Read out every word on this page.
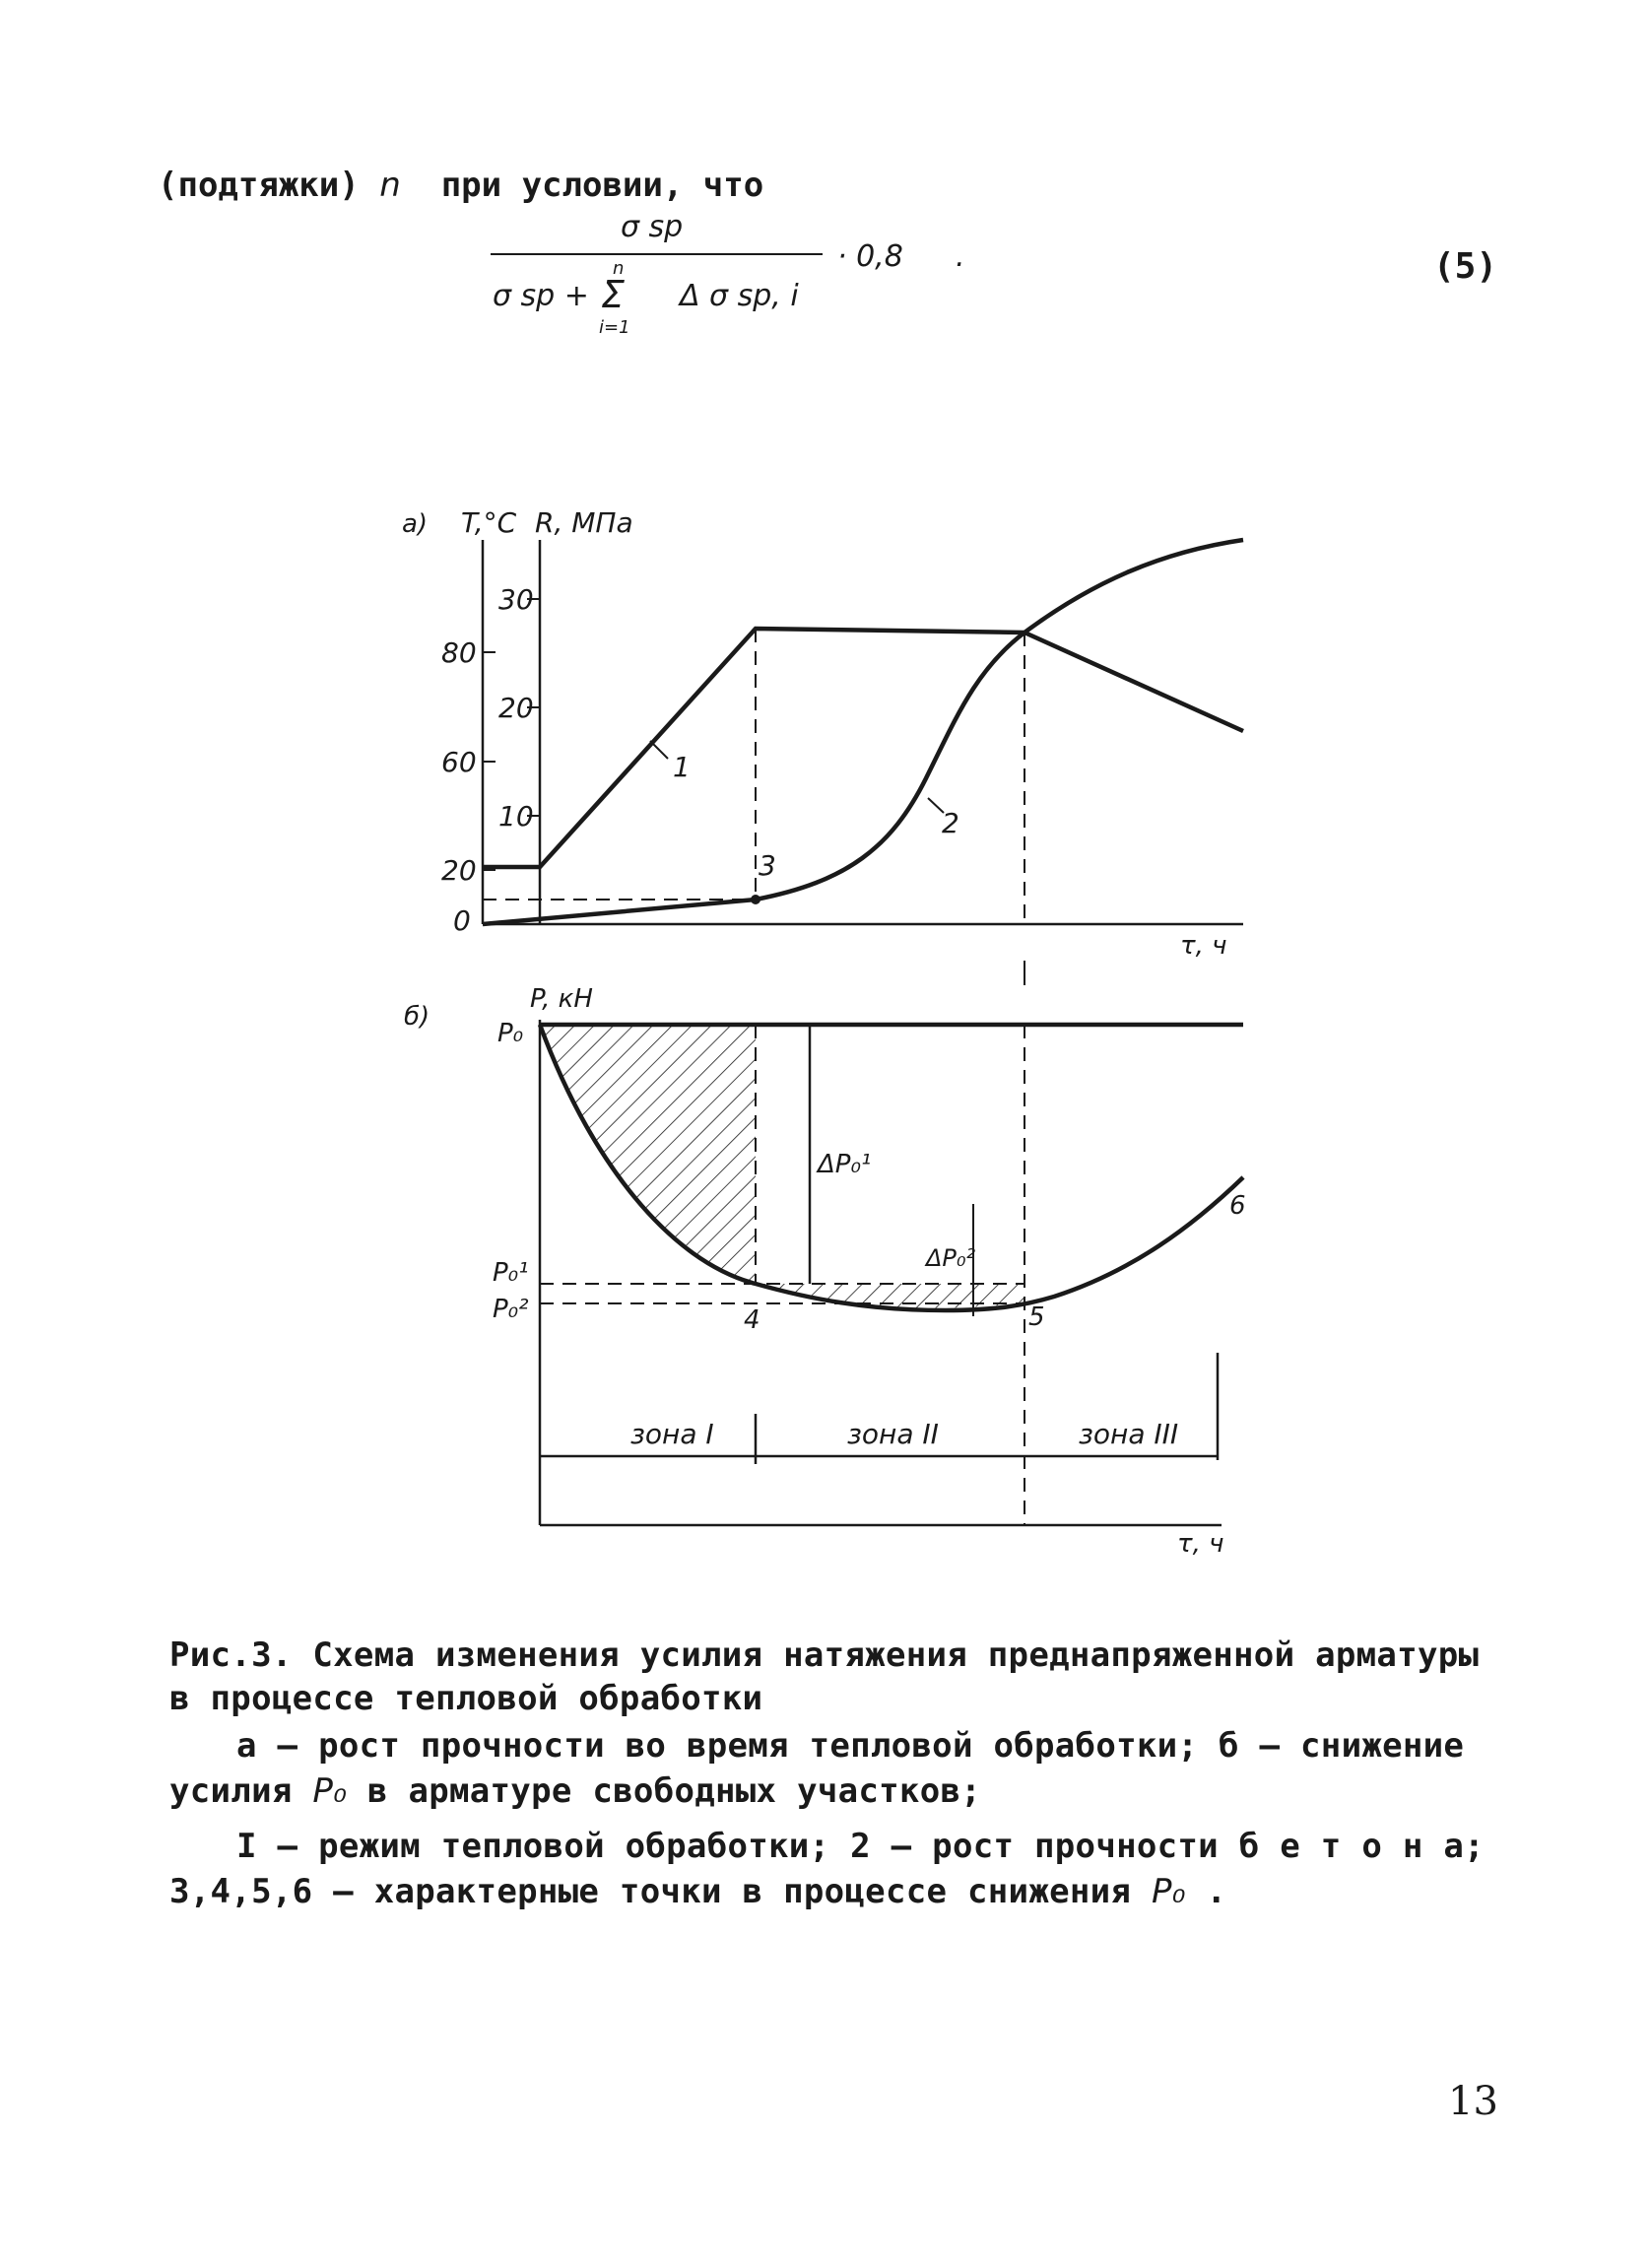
(подтяжки) n при условии, что
σ sp
σ sp +
n
Σ
i=1
Δ σ sp, i
· 0,8 .	(5)
а) T,°C R, МПа
80
60
20
0
30
20
10
3
1
2
τ, ч
б)
P, кН
ΔP₀¹
ΔP₀²
P₀
P₀¹
P₀²	4	5
6
зона I	зона II	зона III
τ, ч
Рис.3. Схема изменения усилия натяжения преднапряженной арматуры в процессе тепловой обработки
а – рост прочности во время тепловой обработки; б – снижение
усилия P₀ в арматуре свободных участков;
I – режим тепловой обработки; 2 – рост прочности б е т о н а;
3,4,5,6 – характерные точки в процессе снижения P₀ .
13
